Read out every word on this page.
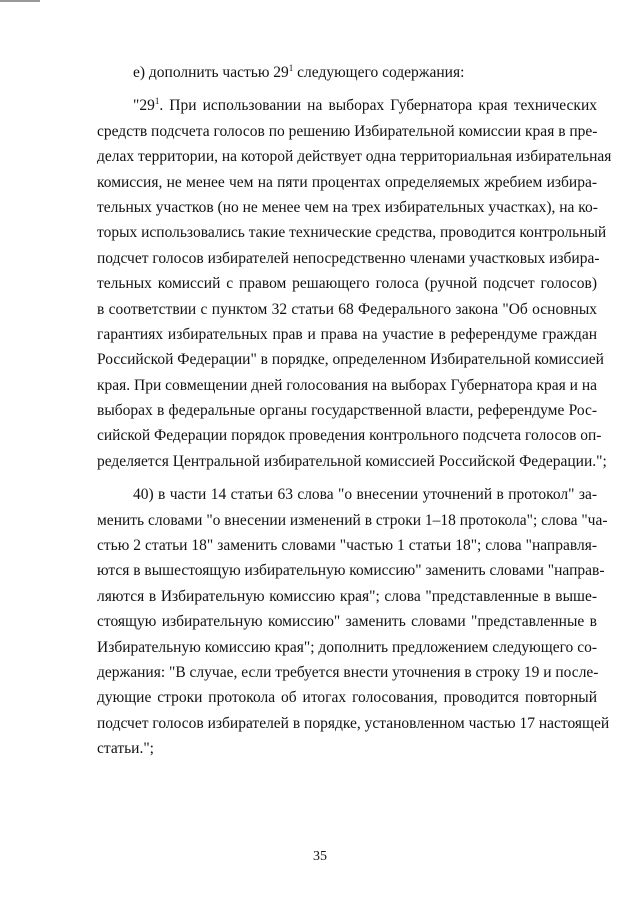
е) дополнить частью $29^1$ следующего содержания:
"$29^1$. При использовании на выборах Губернатора края технических
средств подсчета голосов по решению Избирательной комиссии края в пре-
делах территории, на которой действует одна территориальная избирательная
комиссия, не менее чем на пяти процентах определяемых жребием избира-
тельных участков (но не менее чем на трех избирательных участках), на ко-
торых использовались такие технические средства, проводится контрольный
подсчет голосов избирателей непосредственно членами участковых избира-
тельных комиссий с правом решающего голоса (ручной подсчет голосов)
в соответствии с пунктом 32 статьи 68 Федерального закона "Об основных
гарантиях избирательных прав и права на участие в референдуме граждан
Российской Федерации" в порядке, определенном Избирательной комиссией
края. При совмещении дней голосования на выборах Губернатора края и на
выборах в федеральные органы государственной власти, референдуме Рос-
сийской Федерации порядок проведения контрольного подсчета голосов оп-
ределяется Центральной избирательной комиссией Российской Федерации.";
40) в части 14 статьи 63 слова "о внесении уточнений в протокол" за-
менить словами "о внесении изменений в строки 1–18 протокола"; слова "ча-
стью 2 статьи 18" заменить словами "частью 1 статьи 18"; слова "направля-
ются в вышестоящую избирательную комиссию" заменить словами "направ-
ляются в Избирательную комиссию края"; слова "представленные в выше-
стоящую избирательную комиссию" заменить словами "представленные в
Избирательную комиссию края"; дополнить предложением следующего со-
держания: "В случае, если требуется внести уточнения в строку 19 и после-
дующие строки протокола об итогах голосования, проводится повторный
подсчет голосов избирателей в порядке, установленном частью 17 настоящей
статьи.";
35
